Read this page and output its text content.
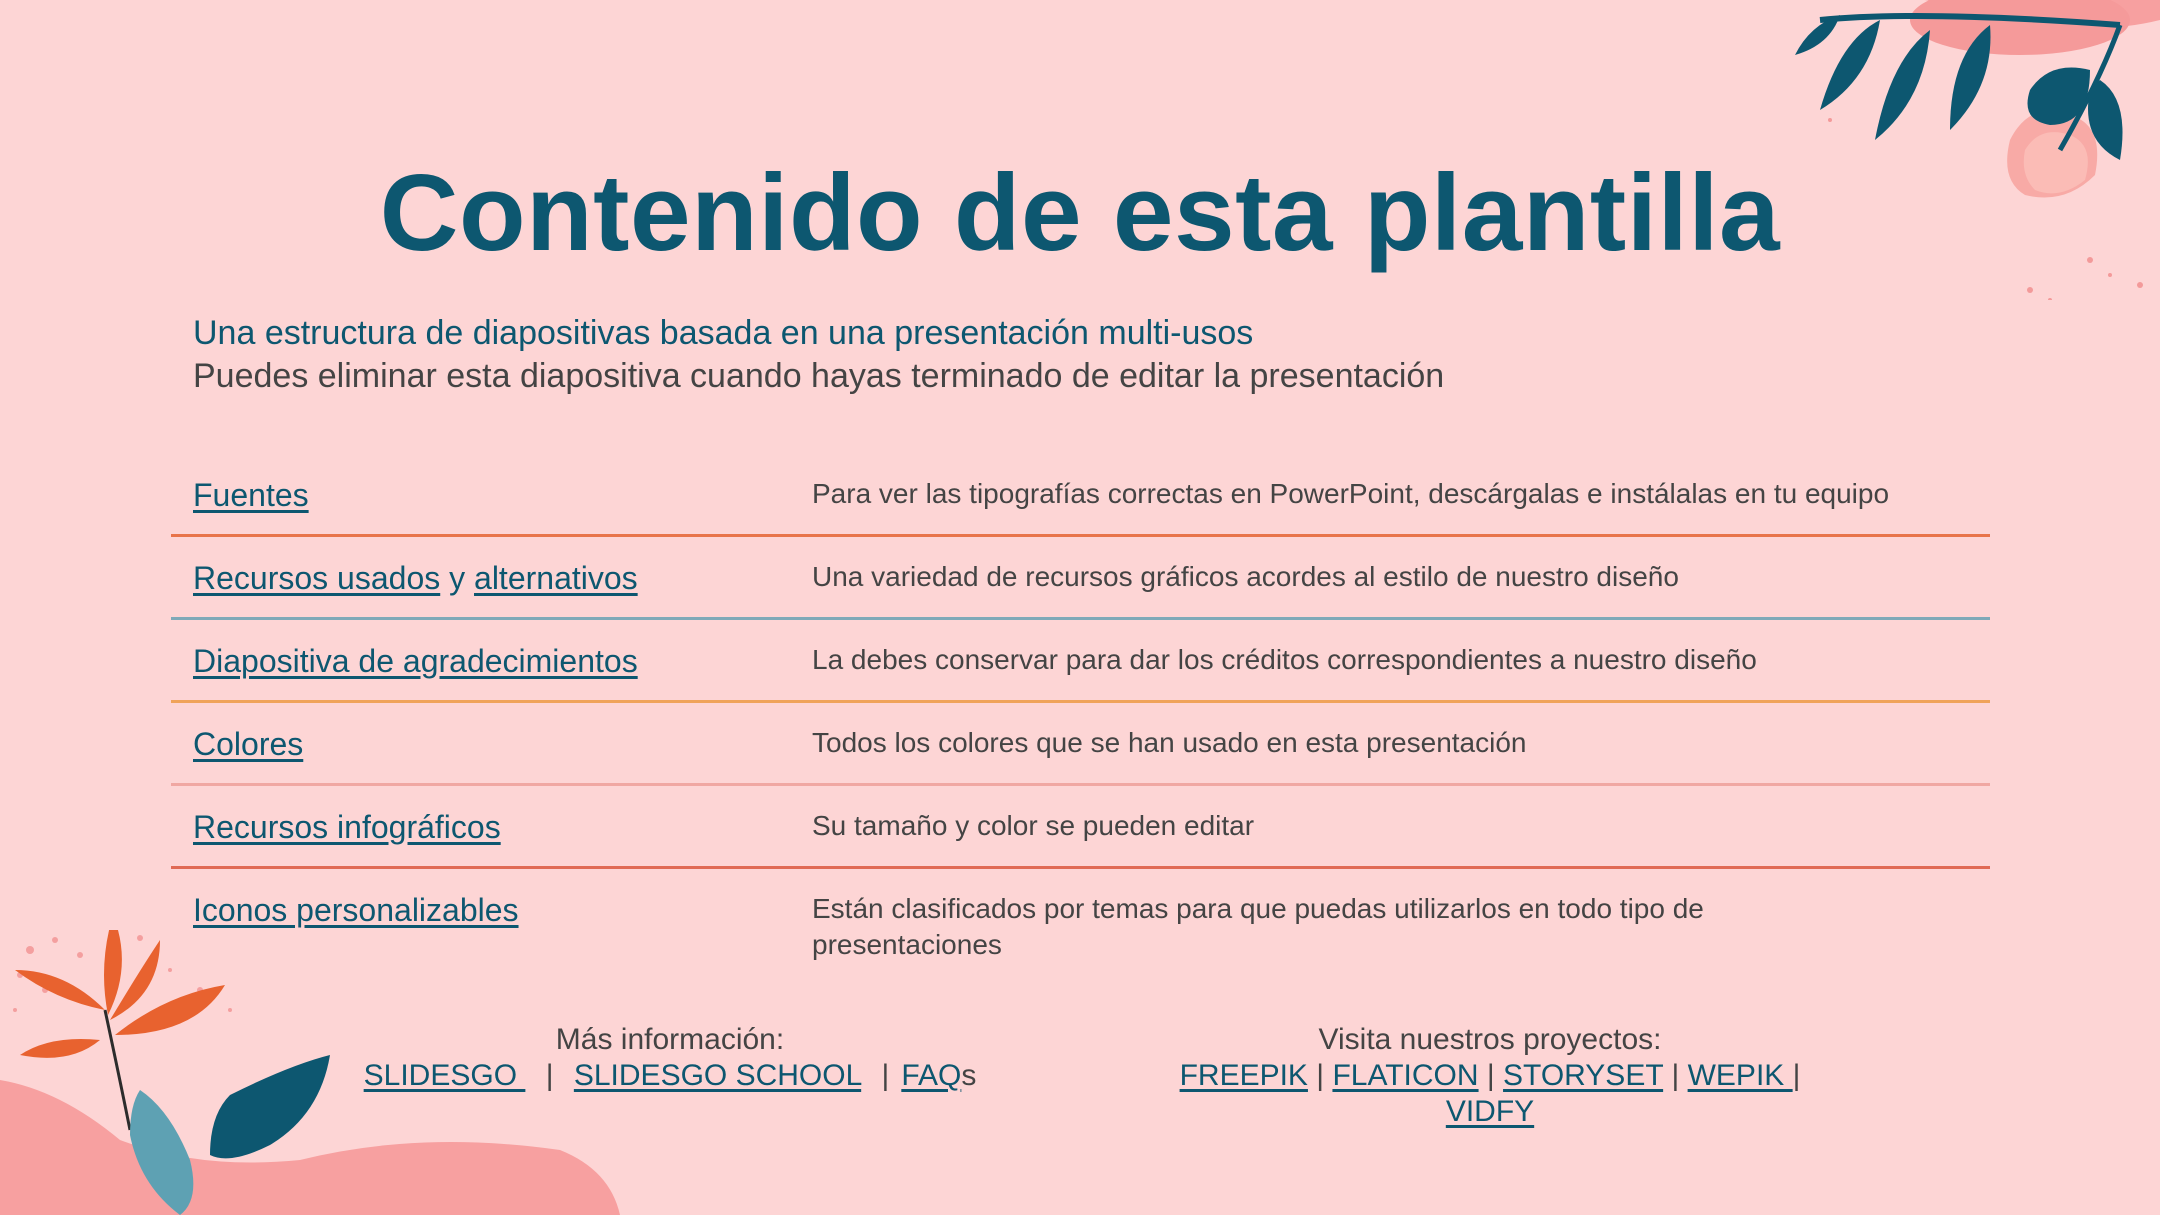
Contenido de esta plantilla
Una estructura de diapositivas basada en una presentación multi-usos
Puedes eliminar esta diapositiva cuando hayas terminado de editar la presentación
Fuentes	Para ver las tipografías correctas en PowerPoint, descárgalas e instálalas en tu equipo
Recursos usados y alternativos	Una variedad de recursos gráficos acordes al estilo de nuestro diseño
Diapositiva de agradecimientos	La debes conservar para dar los créditos correspondientes a nuestro diseño
Colores	Todos los colores que se han usado en esta presentación
Recursos infográficos	Su tamaño y color se pueden editar
Iconos personalizables	Están clasificados por temas para que puedas utilizarlos en todo tipo de presentaciones
Más información:
SLIDESGO  | SLIDESGO SCHOOL | FAQs
Visita nuestros proyectos:
FREEPIK | FLATICON | STORYSET | WEPIK |
VIDFY
